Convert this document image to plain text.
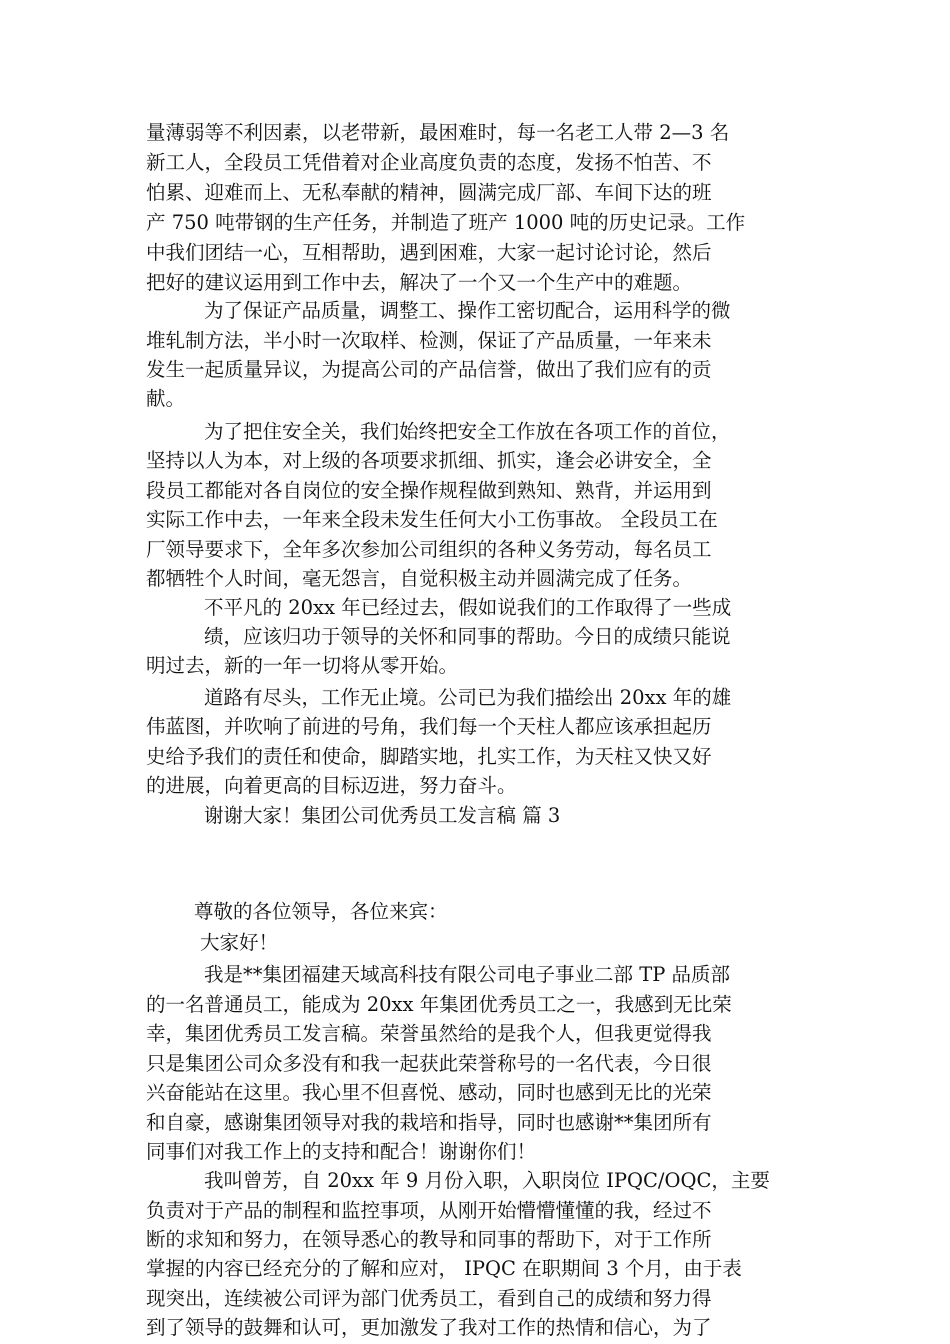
量薄弱等不利因素，以老带新，最困难时，每一名老工人带 2—3 名
新工人，全段员工凭借着对企业高度负责的态度，发扬不怕苦、不
怕累、迎难而上、无私奉献的精神，圆满完成厂部、车间下达的班
产 750 吨带钢的生产任务，并制造了班产 1000 吨的历史记录。工作
中我们团结一心，互相帮助，遇到困难，大家一起讨论讨论，然后
把好的建议运用到工作中去，解决了一个又一个生产中的难题。
为了保证产品质量，调整工、操作工密切配合，运用科学的微
堆轧制方法，半小时一次取样、检测，保证了产品质量，一年来未
发生一起质量异议，为提高公司的产品信誉，做出了我们应有的贡
献。
为了把住安全关，我们始终把安全工作放在各项工作的首位，
坚持以人为本，对上级的各项要求抓细、抓实，逢会必讲安全，全
段员工都能对各自岗位的安全操作规程做到熟知、熟背，并运用到
实际工作中去，一年来全段未发生任何大小工伤事故。 全段员工在
厂领导要求下，全年多次参加公司组织的各种义务劳动，每名员工
都牺牲个人时间，毫无怨言，自觉积极主动并圆满完成了任务。
不平凡的 20xx 年已经过去，假如说我们的工作取得了一些成
绩，应该归功于领导的关怀和同事的帮助。今日的成绩只能说
明过去，新的一年一切将从零开始。
道路有尽头，工作无止境。公司已为我们描绘出 20xx 年的雄
伟蓝图，并吹响了前进的号角，我们每一个天柱人都应该承担起历
史给予我们的责任和使命，脚踏实地，扎实工作，为天柱又快又好
的进展，向着更高的目标迈进，努力奋斗。
谢谢大家！集团公司优秀员工发言稿 篇 3
尊敬的各位领导，各位来宾：
大家好！
我是**集团福建天域高科技有限公司电子事业二部 TP 品质部
的一名普通员工，能成为 20xx 年集团优秀员工之一，我感到无比荣
幸，集团优秀员工发言稿。荣誉虽然给的是我个人，但我更觉得我
只是集团公司众多没有和我一起获此荣誉称号的一名代表，今日很
兴奋能站在这里。我心里不但喜悦、感动，同时也感到无比的光荣
和自豪，感谢集团领导对我的栽培和指导，同时也感谢**集团所有
同事们对我工作上的支持和配合！谢谢你们！
我叫曾芳，自 20xx 年 9 月份入职，入职岗位 IPQC/OQC，主要
负责对于产品的制程和监控事项，从刚开始懵懵懂懂的我，经过不
断的求知和努力，在领导悉心的教导和同事的帮助下，对于工作所
掌握的内容已经充分的了解和应对， IPQC 在职期间 3 个月，由于表
现突出，连续被公司评为部门优秀员工，看到自己的成绩和努力得
到了领导的鼓舞和认可，更加激发了我对工作的热情和信心，为了
